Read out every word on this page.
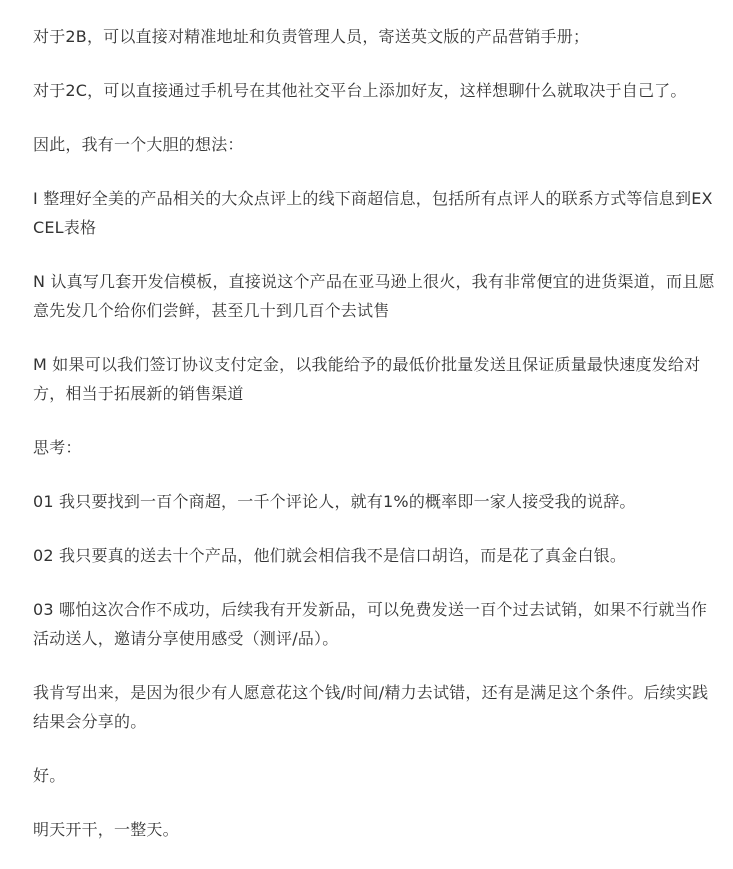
对于2B，可以直接对精准地址和负责管理人员，寄送英文版的产品营销手册；

对于2C，可以直接通过手机号在其他社交平台上添加好友，这样想聊什么就取决于自己了。

因此，我有一个大胆的想法：

I 整理好全美的产品相关的大众点评上的线下商超信息，包括所有点评人的联系方式等信息到EXCEL表格

N 认真写几套开发信模板，直接说这个产品在亚马逊上很火，我有非常便宜的进货渠道，而且愿意先发几个给你们尝鲜，甚至几十到几百个去试售

M 如果可以我们签订协议支付定金，以我能给予的最低价批量发送且保证质量最快速度发给对方，相当于拓展新的销售渠道

思考：

01 我只要找到一百个商超，一千个评论人，就有1%的概率即一家人接受我的说辞。

02 我只要真的送去十个产品，他们就会相信我不是信口胡诌，而是花了真金白银。

03 哪怕这次合作不成功，后续我有开发新品，可以免费发送一百个过去试销，如果不行就当作活动送人，邀请分享使用感受（测评/品）。

我肯写出来，是因为很少有人愿意花这个钱/时间/精力去试错，还有是满足这个条件。后续实践结果会分享的。

好。

明天开干，一整天。
